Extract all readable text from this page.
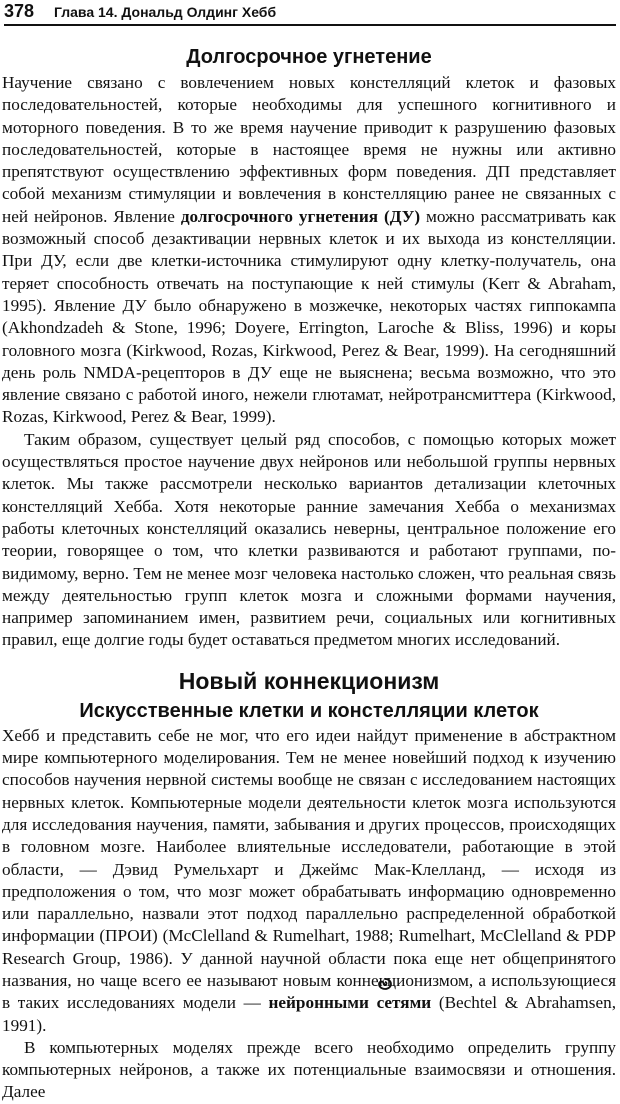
378 Глава 14. Дональд Олдинг Хебб
Долгосрочное угнетение

Научение связано с вовлечением новых констелляций клеток и фазовых последовательностей, которые необходимы для успешного когнитивного и моторного поведения. В то же время научение приводит к разрушению фазовых последовательностей, которые в настоящее время не нужны или активно препятствуют осуществлению эффективных форм поведения. ДП представляет собой механизм стимуляции и вовлечения в констелляцию ранее не связанных с ней нейронов. Явление долгосрочного угнетения (ДУ) можно рассматривать как возможный способ дезактивации нервных клеток и их выхода из констелляции. При ДУ, если две клетки-источника стимулируют одну клетку-получатель, она теряет способность отвечать на поступающие к ней стимулы (Kerr & Abraham, 1995). Явление ДУ было обнаружено в мозжечке, некоторых частях гиппокампа (Akhondzadeh & Stone, 1996; Doyere, Errington, Laroche & Bliss, 1996) и коры головного мозга (Kirkwood, Rozas, Kirkwood, Perez & Bear, 1999). На сегодняшний день роль NMDA-рецепторов в ДУ еще не выяснена; весьма возможно, что это явление связано с работой иного, нежели глютамат, нейротрансмиттера (Kirkwood, Rozas, Kirkwood, Perez & Bear, 1999).

Таким образом, существует целый ряд способов, с помощью которых может осуществляться простое научение двух нейронов или небольшой группы нервных клеток. Мы также рассмотрели несколько вариантов детализации клеточных констелляций Хебба. Хотя некоторые ранние замечания Хебба о механизмах работы клеточных констелляций оказались неверны, центральное положение его теории, говорящее о том, что клетки развиваются и работают группами, по-видимому, верно. Тем не менее мозг человека настолько сложен, что реальная связь между деятельностью групп клеток мозга и сложными формами научения, например запоминанием имен, развитием речи, социальных или когнитивных правил, еще долгие годы будет оставаться предметом многих исследований.

Новый коннекционизм
Искусственные клетки и констелляции клеток

Хебб и представить себе не мог, что его идеи найдут применение в абстрактном мире компьютерного моделирования. Тем не менее новейший подход к изучению способов научения нервной системы вообще не связан с исследованием настоящих нервных клеток. Компьютерные модели деятельности клеток мозга используются для исследования научения, памяти, забывания и других процессов, происходящих в головном мозге. Наиболее влиятельные исследователи, работающие в этой области, — Дэвид Румельхарт и Джеймс Мак-Клелланд, — исходя из предположения о том, что мозг может обрабатывать информацию одновременно или параллельно, назвали этот подход параллельно распределенной обработкой информации (ПРОИ) (McClelland & Rumelhart, 1988; Rumelhart, McClelland & PDP Research Group, 1986). У данной научной области пока еще нет общепринятого названия, но чаще всего ее называют новым коннекционизмом, а использующиеся в таких исследованиях модели — нейронными сетями (Bechtel & Abrahamsen, 1991).

В компьютерных моделях прежде всего необходимо определить группу компьютерных нейронов, а также их потенциальные взаимосвязи и отношения. Далее
